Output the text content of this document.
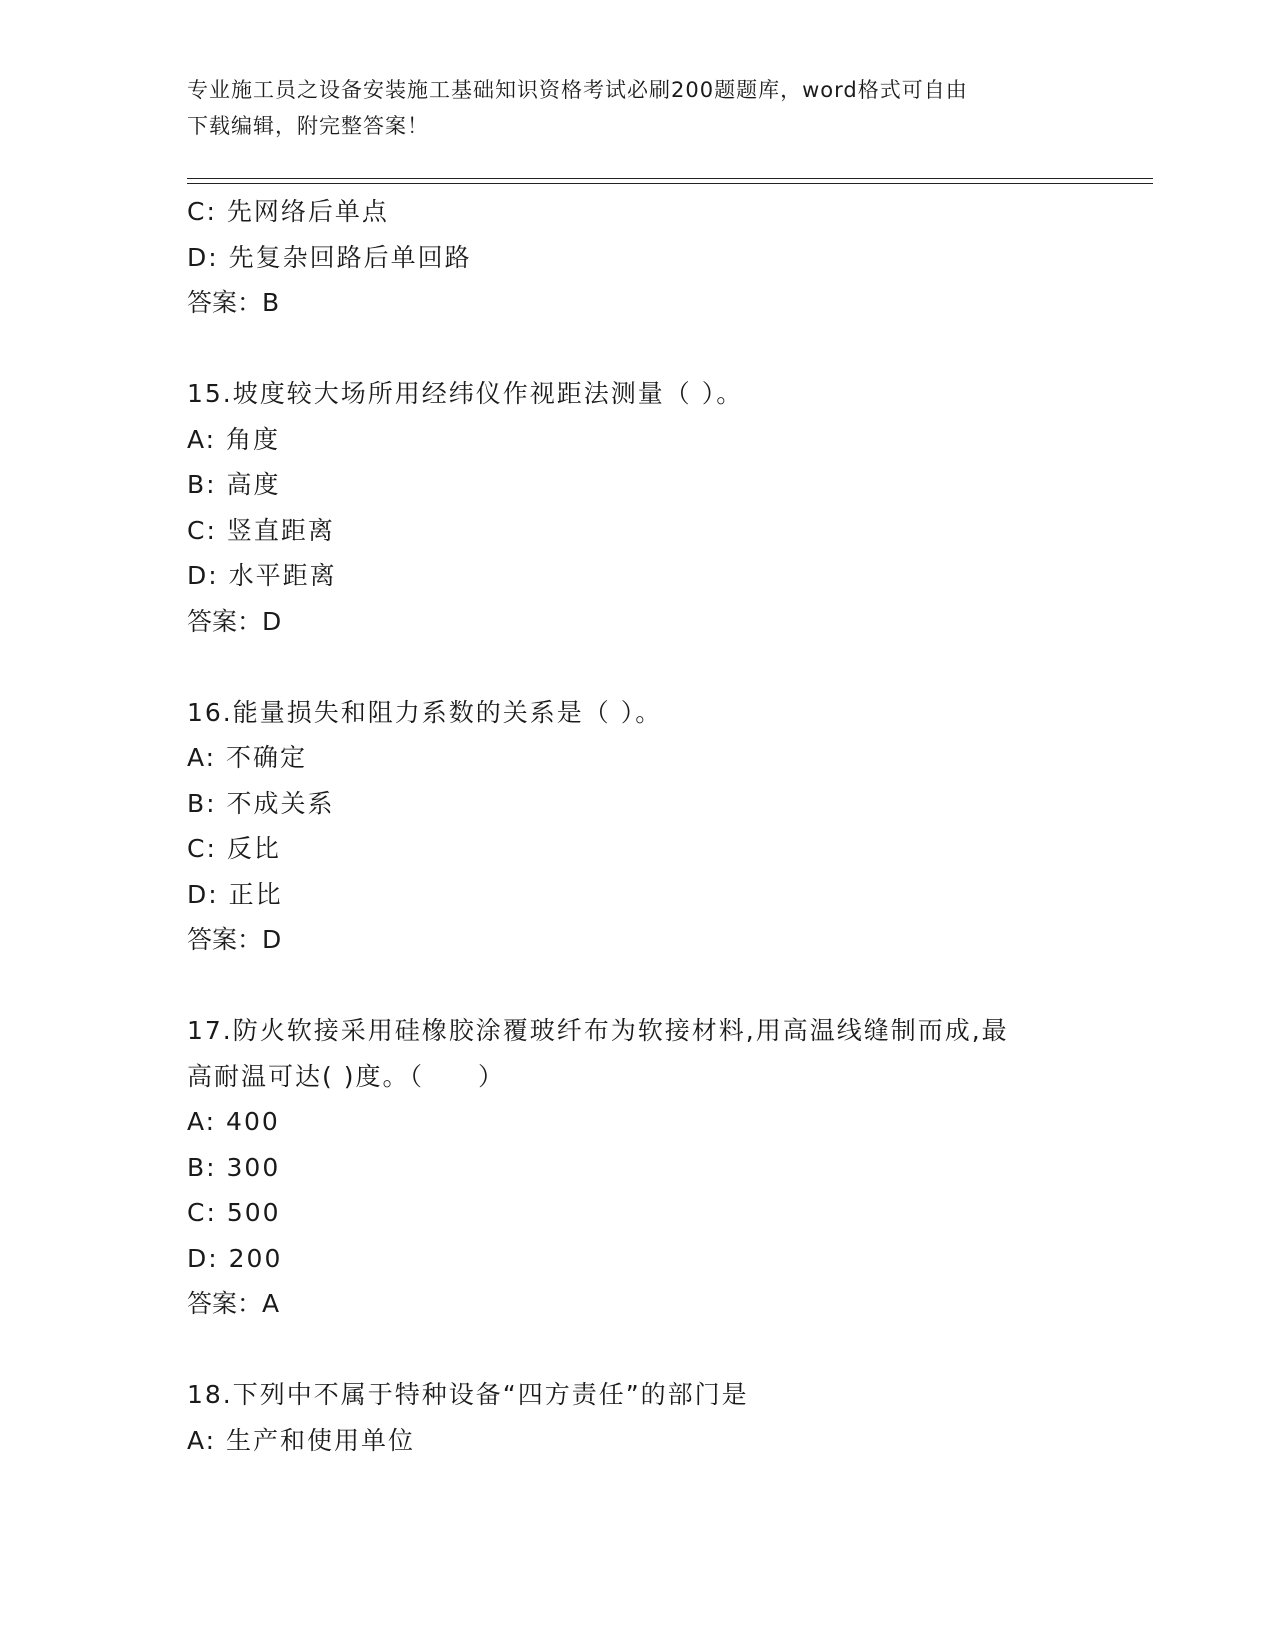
专业施工员之设备安装施工基础知识资格考试必刷200题题库，word格式可自由
下载编辑，附完整答案！
C: 先网络后单点
D: 先复杂回路后单回路
答案：B
15.坡度较大场所用经纬仪作视距法测量（ ）。
A: 角度
B: 高度
C: 竖直距离
D: 水平距离
答案：D
16.能量损失和阻力系数的关系是（ ）。
A: 不确定
B: 不成关系
C: 反比
D: 正比
答案：D
17.防火软接采用硅橡胶涂覆玻纤布为软接材料,用高温线缝制而成,最
高耐温可达( )度。（　　）
A: 400
B: 300
C: 500
D: 200
答案：A
18.下列中不属于特种设备“四方责任”的部门是
A: 生产和使用单位
